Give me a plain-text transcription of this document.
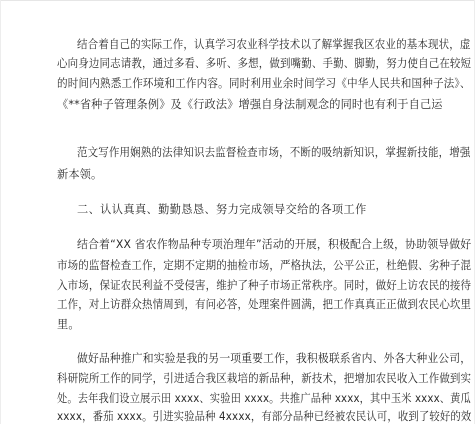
结合着自己的实际工作，认真学习农业科学技术以了解掌握我区农业的基本现状，虚
心向身边同志请教，通过多看、多听、多想，做到嘴勤、手勤、脚勤，努力使自己在较短
的时间内熟悉工作环境和工作内容。同时利用业余时间学习《中华人民共和国种子法》、
《**省种子管理条例》及《行政法》增强自身法制观念的同时也有利于自己运
范文写作用娴熟的法律知识去监督检查市场，不断的吸纳新知识，掌握新技能，增强
新本领。
二、认认真真、勤勤恳恳、努力完成领导交给的各项工作
结合着“XX 省农作物品种专项治理年”活动的开展，积极配合上级，协助领导做好
市场的监督检查工作，定期不定期的抽检市场，严格执法，公平公正，杜绝假、劣种子混
入市场，保证农民利益不受侵害，维护了种子市场正常秩序。同时，做好上访农民的接待
工作，对上访群众热情周到，有问必答，处理案件圆满，把工作真真正正做到农民心坎里
里。
做好品种推广和实验是我的另一项重要工作，我积极联系省内、外各大种业公司，
科研院所工作的同学，引进适合我区栽培的新品种，新技术，把增加农民收入工作做到实
处。去年我们设立展示田 xxxx、实验田 xxxx。共推广品种 xxxx，其中玉米 xxxx、黄瓜
xxxx，番茄 xxxx。引进实验品种 4xxxx，有部分品种已经被农民认可，收到了较好的效
